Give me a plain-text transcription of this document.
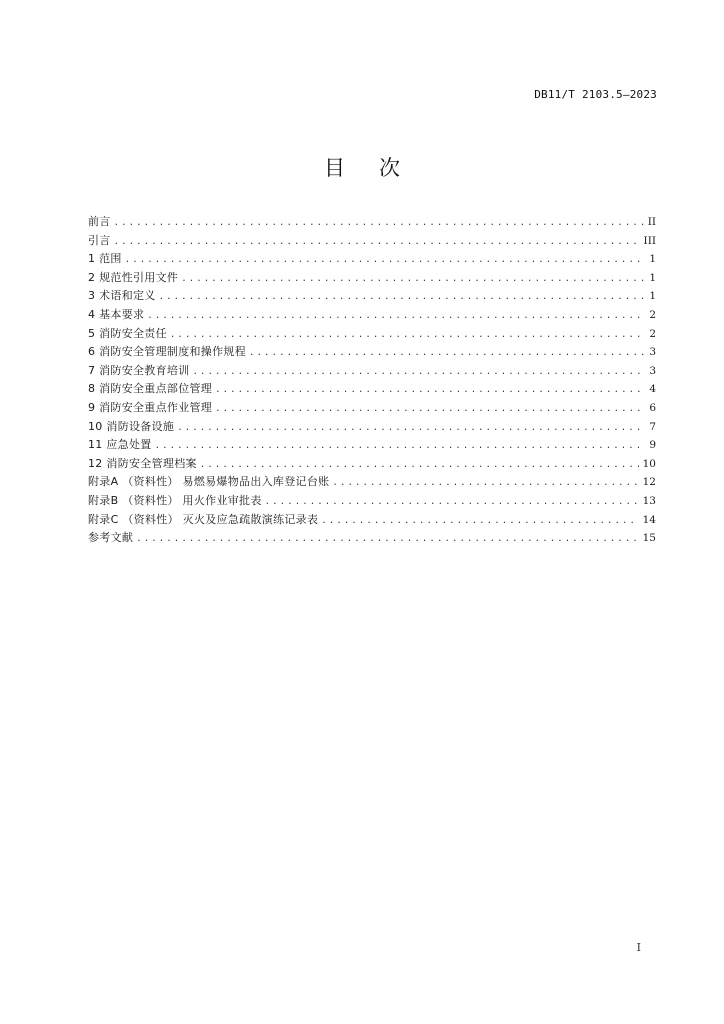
DB11/T 2103.5—2023
目 次
前言 .....	II
引言 .....	III
1 范围 .....	1
2 规范性引用文件 .....	1
3 术语和定义 .....	1
4 基本要求 .....	2
5 消防安全责任 .....	2
6 消防安全管理制度和操作规程 .....	3
7 消防安全教育培训 .....	3
8 消防安全重点部位管理 .....	4
9 消防安全重点作业管理 .....	6
10 消防设备设施 .....	7
11 应急处置 .....	9
12 消防安全管理档案 .....	10
附录A （资料性） 易燃易爆物品出入库登记台账 .....	12
附录B （资料性） 用火作业审批表 .....	13
附录C （资料性） 灭火及应急疏散演练记录表 .....	14
参考文献 .....	15
I
